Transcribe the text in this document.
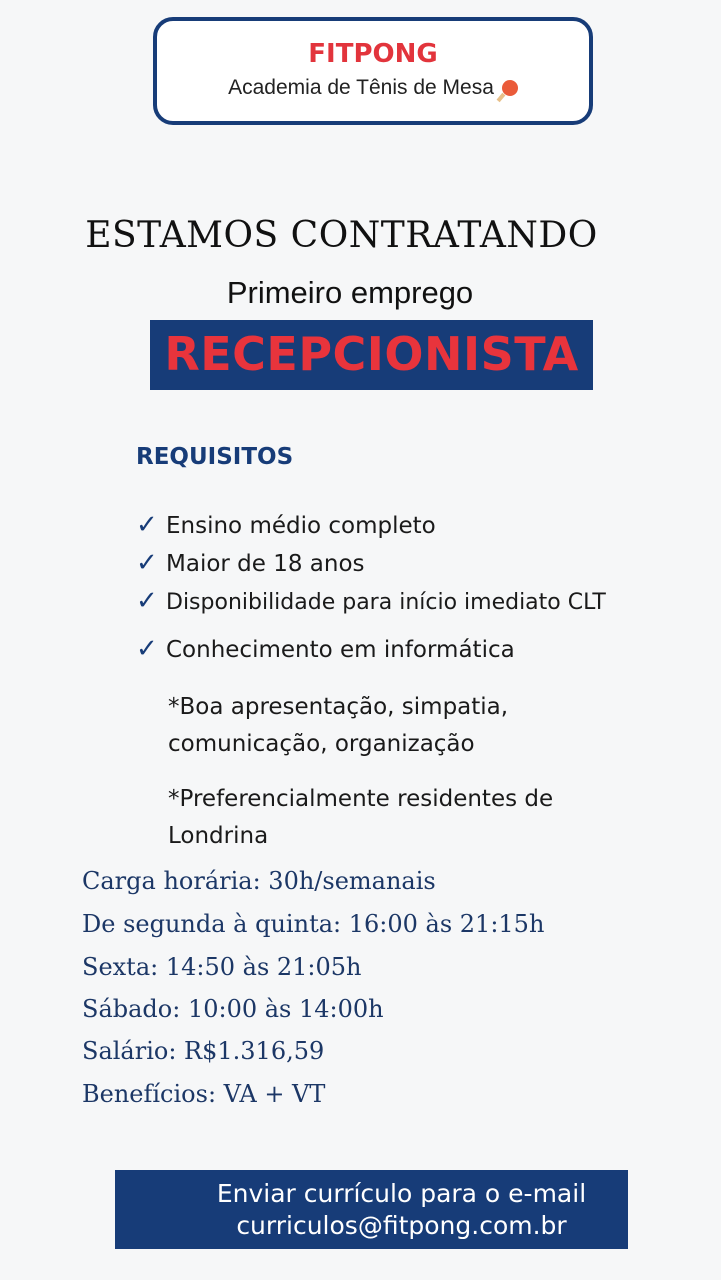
FITPONG
Academia de Tênis de Mesa
ESTAMOS CONTRATANDO
Primeiro emprego
RECEPCIONISTA
REQUISITOS
✓ Ensino médio completo
✓ Maior de 18 anos
✓ Disponibilidade para início imediato CLT
✓ Conhecimento em informática
*Boa apresentação, simpatia,
comunicação, organização
*Preferencialmente residentes de
Londrina
Carga horária: 30h/semanais
De segunda à quinta: 16:00 às 21:15h
Sexta: 14:50 às 21:05h
Sábado: 10:00 às 14:00h
Salário: R$1.316,59
Benefícios: VA + VT
Enviar currículo para o e-mail
curriculos@fitpong.com.br
